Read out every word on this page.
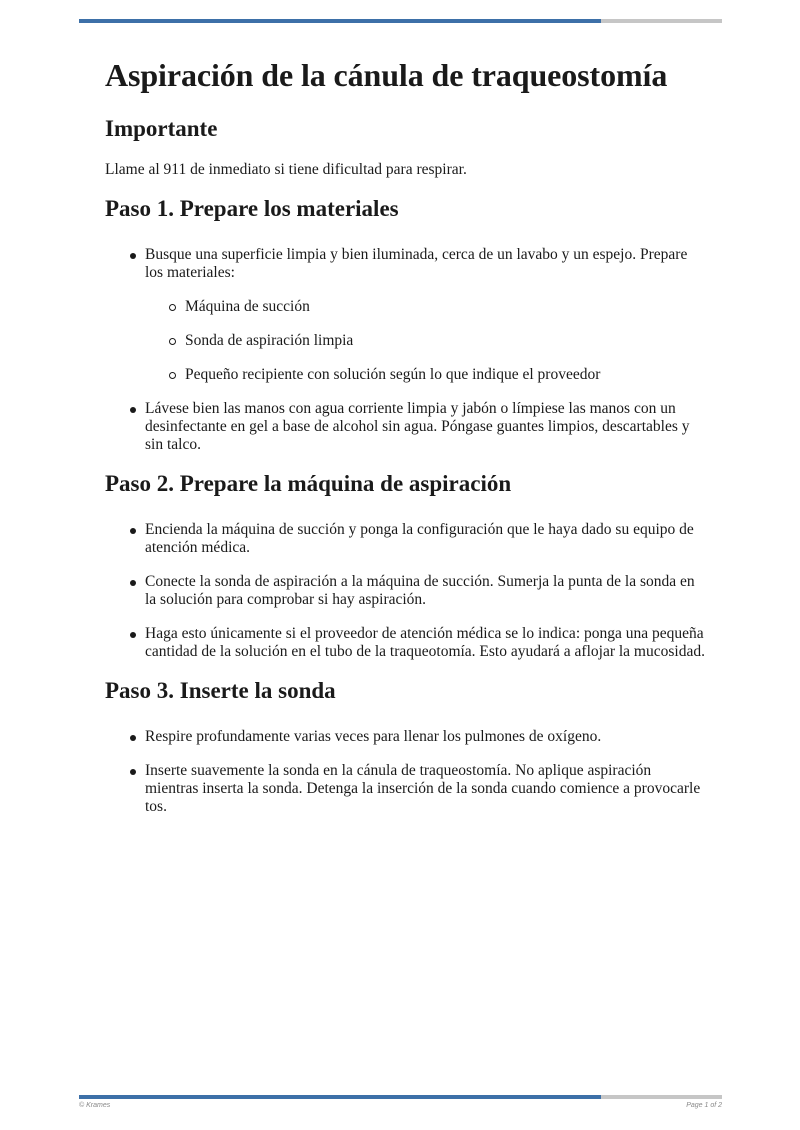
Aspiración de la cánula de traqueostomía
Importante

Llame al 911 de inmediato si tiene dificultad para respirar.

Paso 1. Prepare los materiales
Busque una superficie limpia y bien iluminada, cerca de un lavabo y un espejo. Prepare los materiales:
Máquina de succión
Sonda de aspiración limpia
Pequeño recipiente con solución según lo que indique el proveedor
Lávese bien las manos con agua corriente limpia y jabón o límpiese las manos con un desinfectante en gel a base de alcohol sin agua. Póngase guantes limpios, descartables y sin talco.
Paso 2. Prepare la máquina de aspiración
Encienda la máquina de succión y ponga la configuración que le haya dado su equipo de atención médica.
Conecte la sonda de aspiración a la máquina de succión. Sumerja la punta de la sonda en la solución para comprobar si hay aspiración.
Haga esto únicamente si el proveedor de atención médica se lo indica: ponga una pequeña cantidad de la solución en el tubo de la traqueotomía. Esto ayudará a aflojar la mucosidad.
Paso 3. Inserte la sonda
Respire profundamente varias veces para llenar los pulmones de oxígeno.
Inserte suavemente la sonda en la cánula de traqueostomía. No aplique aspiración mientras inserta la sonda. Detenga la inserción de la sonda cuando comience a provocarle tos.
© Krames	Page 1 of 2
